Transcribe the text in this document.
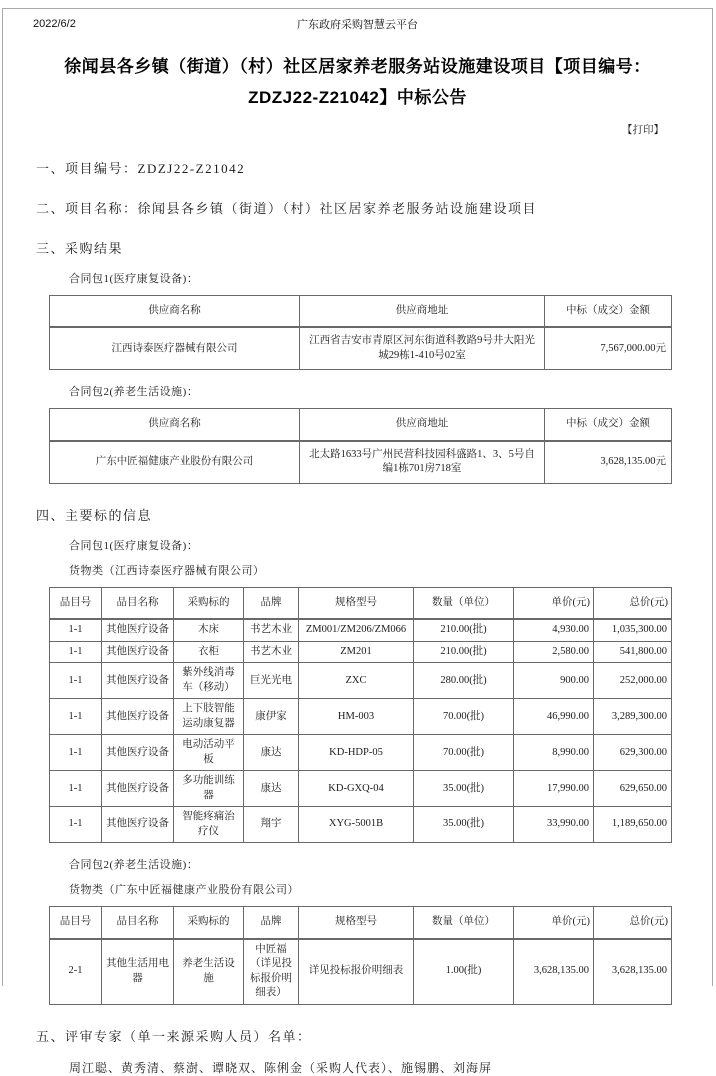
2022/6/2	广东政府采购智慧云平台
徐闻县各乡镇（街道）（村）社区居家养老服务站设施建设项目【项目编号：
ZDZJ22-Z21042】中标公告
【打印】

一、项目编号：ZDZJ22-Z21042

二、项目名称：徐闻县各乡镇（街道）（村）社区居家养老服务站设施建设项目

三、采购结果

合同包1(医疗康复设备)：

供应商名称	供应商地址	中标（成交）金额
江西诗泰医疗器械有限公司	江西省吉安市青原区河东街道科教路9号井大阳光城29栋1-410号02室	7,567,000.00元

合同包2(养老生活设施)：

供应商名称	供应商地址	中标（成交）金额
广东中匠福健康产业股份有限公司	北太路1633号广州民营科技园科盛路1、3、5号自编1栋701房718室	3,628,135.00元

四、主要标的信息

合同包1(医疗康复设备)：

货物类（江西诗泰医疗器械有限公司）

品目号	品目名称	采购标的	品牌	规格型号	数量（单位）	单价(元)	总价(元)
1-1	其他医疗设备	木床	书艺木业	ZM001/ZM206/ZM066	210.00(批)	4,930.00	1,035,300.00
1-1	其他医疗设备	衣柜	书艺木业	ZM201	210.00(批)	2,580.00	541,800.00
1-1	其他医疗设备	紫外线消毒车（移动）	巨光光电	ZXC	280.00(批)	900.00	252,000.00
1-1	其他医疗设备	上下肢智能运动康复器	康伊家	HM-003	70.00(批)	46,990.00	3,289,300.00
1-1	其他医疗设备	电动活动平板	康达	KD-HDP-05	70.00(批)	8,990.00	629,300.00
1-1	其他医疗设备	多功能训练器	康达	KD-GXQ-04	35.00(批)	17,990.00	629,650.00
1-1	其他医疗设备	智能疼痛治疗仪	翔宇	XYG-5001B	35.00(批)	33,990.00	1,189,650.00

合同包2(养老生活设施)：

货物类（广东中匠福健康产业股份有限公司）

品目号	品目名称	采购标的	品牌	规格型号	数量（单位）	单价(元)	总价(元)
2-1	其他生活用电器	养老生活设施	中匠福（详见投标报价明细表）	详见投标报价明细表	1.00(批)	3,628,135.00	3,628,135.00

五、评审专家（单一来源采购人员）名单：

周江聪、黄秀清、蔡澍、谭晓双、陈俐金（采购人代表）、施锡鹏、刘海屏
